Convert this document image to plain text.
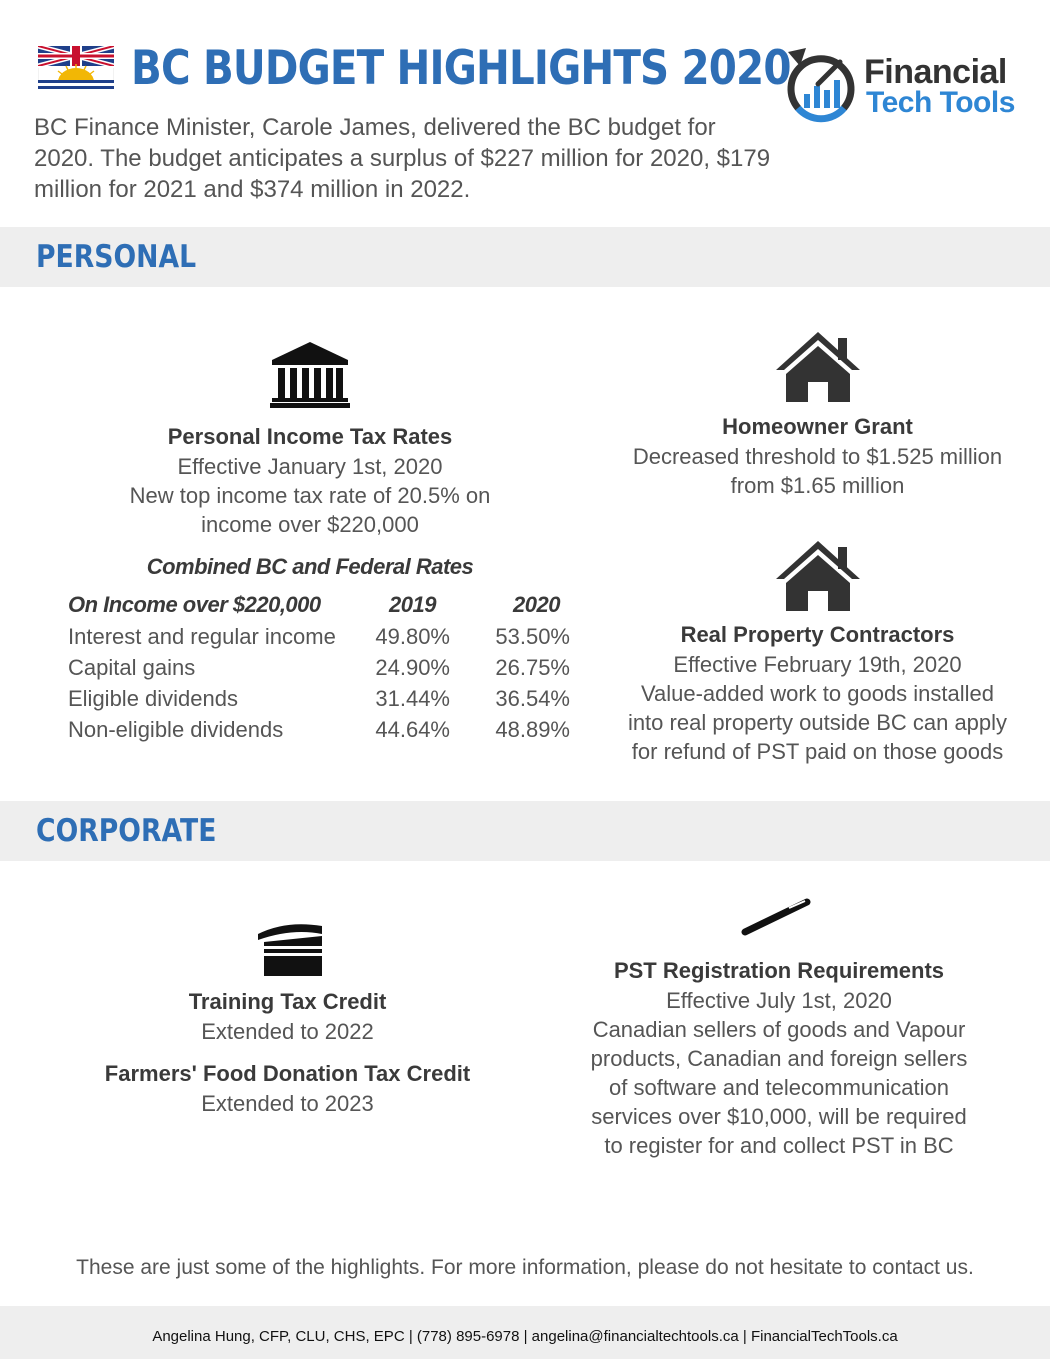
BC BUDGET HIGHLIGHTS 2020 Financial
Tech Tools
BC Finance Minister, Carole James, delivered the BC budget for 2020. The budget anticipates a surplus of $227 million for 2020, $179 million for 2021 and $374 million in 2022.
PERSONAL
Personal Income Tax Rates
Effective January 1st, 2020
New top income tax rate of 20.5% on
income over $220,000
Combined BC and Federal Rates
On Income over $220,000	2019	2020
Interest and regular income	49.80%	53.50%
Capital gains	24.90%	26.75%
Eligible dividends	31.44%	36.54%
Non-eligible dividends	44.64%	48.89%
Homeowner Grant
Decreased threshold to $1.525 million
from $1.65 million
Real Property Contractors
Effective February 19th, 2020
Value-added work to goods installed
into real property outside BC can apply
for refund of PST paid on those goods
CORPORATE
Training Tax Credit
Extended to 2022
Farmers' Food Donation Tax Credit
Extended to 2023
PST Registration Requirements
Effective July 1st, 2020
Canadian sellers of goods and Vapour
products, Canadian and foreign sellers
of software and telecommunication
services over $10,000, will be required
to register for and collect PST in BC
These are just some of the highlights. For more information, please do not hesitate to contact us.
Angelina Hung, CFP, CLU, CHS, EPC | (778) 895-6978 | angelina@financialtechtools.ca | FinancialTechTools.ca
